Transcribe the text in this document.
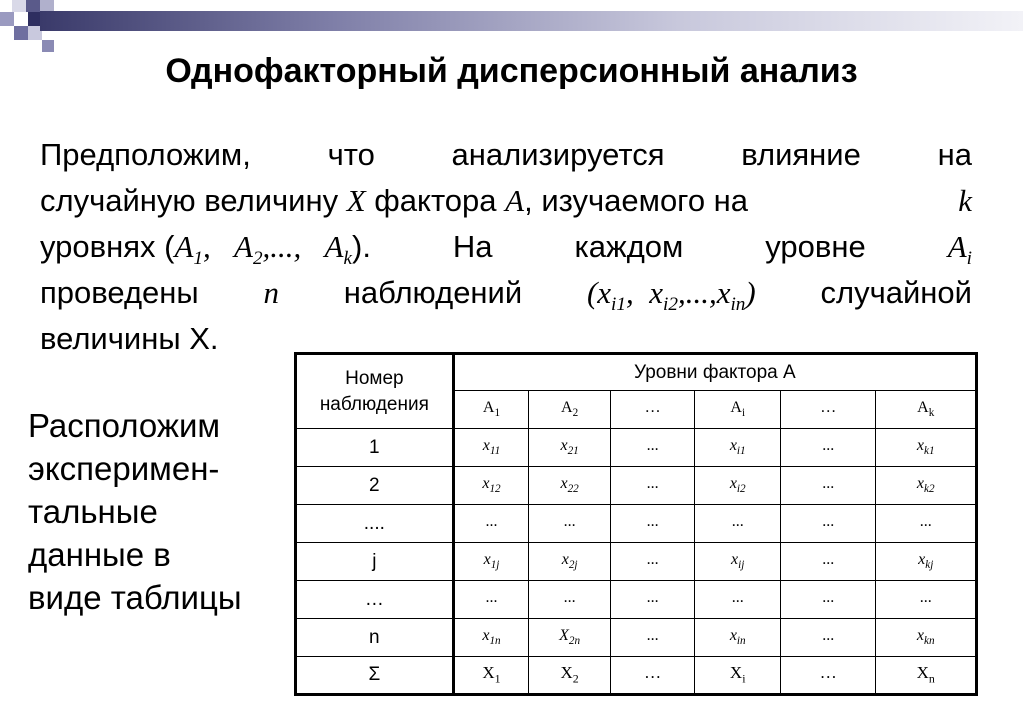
Однофакторный дисперсионный анализ
Предположим, что анализируется влияние на
случайную величину X фактора A, изучаемого на	k
уровнях ($A_1$,   $A_2$,..., $A_k$).	На	каждом	уровне	$A_i$
проведены n наблюдений ($x_{i1}$,  $x_{i2},...,x_{in}$) случайной
величины X.
Расположим
эксперимен-
тальные
данные в
виде таблицы
Номер
наблюдения	Уровни фактора А					
	$A_1$	$A_2$	…	$A_i$	…	$A_k$
1	$x_{11}$	$x_{21}$	...	$x_{i1}$	...	$x_{k1}$
2	$x_{12}$	$x_{22}$	...	$x_{i2}$	...	$x_{k2}$
....	...	...	...	...	...	...
j	$x_{1j}$	$x_{2j}$	...	$x_{ij}$	...	$x_{kj}$
…	...	...	...	...	...	...
n	$x_{1n}$	$X_{2n}$	...	$x_{in}$	...	$x_{kn}$
Σ	$X_1$	$X_2$	…	$X_i$	…	$X_n$
